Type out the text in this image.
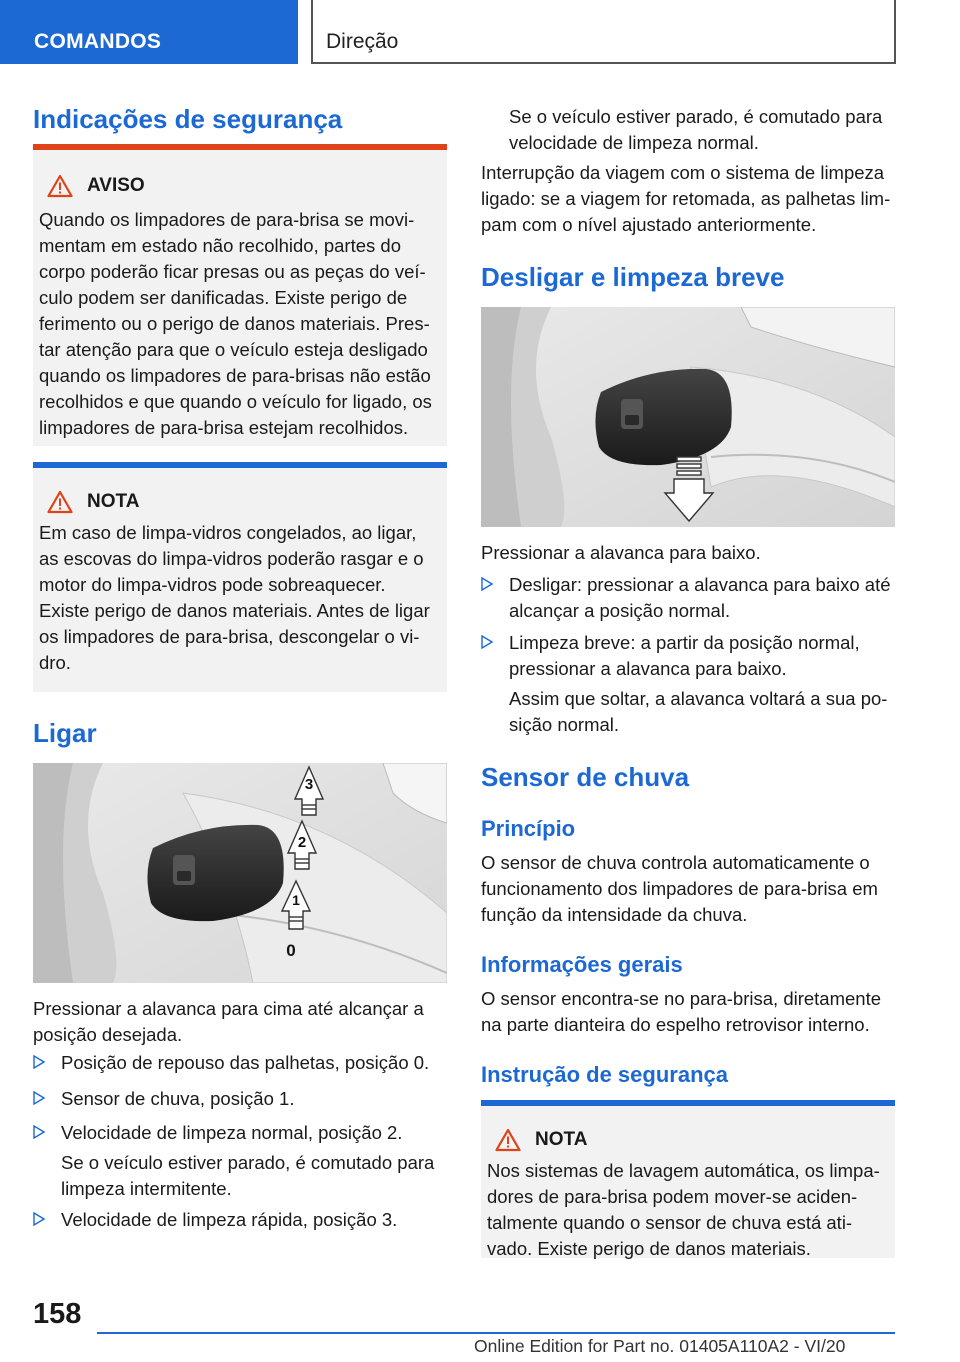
COMANDOS	Direção
Indicações de segurança
AVISO
Quando os limpadores de para-brisa se movi-
mentam em estado não recolhido, partes do
corpo poderão ficar presas ou as peças do veí-
culo podem ser danificadas. Existe perigo de
ferimento ou o perigo de danos materiais. Pres-
tar atenção para que o veículo esteja desligado
quando os limpadores de para-brisas não estão
recolhidos e que quando o veículo for ligado, os
limpadores de para-brisa estejam recolhidos.
NOTA
Em caso de limpa-vidros congelados, ao ligar,
as escovas do limpa-vidros poderão rasgar e o
motor do limpa-vidros pode sobreaquecer.
Existe perigo de danos materiais. Antes de ligar
os limpadores de para-brisa, descongelar o vi-
dro.
Ligar
3
2
1
0
Pressionar a alavanca para cima até alcançar a
posição desejada.
Posição de repouso das palhetas, posição 0.
Sensor de chuva, posição 1.
Velocidade de limpeza normal, posição 2.
Se o veículo estiver parado, é comutado para
limpeza intermitente.
Velocidade de limpeza rápida, posição 3.
Se o veículo estiver parado, é comutado para
velocidade de limpeza normal.
Interrupção da viagem com o sistema de limpeza
ligado: se a viagem for retomada, as palhetas lim-
pam com o nível ajustado anteriormente.
Desligar e limpeza breve
Pressionar a alavanca para baixo.
Desligar: pressionar a alavanca para baixo até
alcançar a posição normal.
Limpeza breve: a partir da posição normal,
pressionar a alavanca para baixo.
Assim que soltar, a alavanca voltará a sua po-
sição normal.
Sensor de chuva
Princípio
O sensor de chuva controla automaticamente o
funcionamento dos limpadores de para-brisa em
função da intensidade da chuva.
Informações gerais
O sensor encontra-se no para-brisa, diretamente
na parte dianteira do espelho retrovisor interno.
Instrução de segurança
NOTA
Nos sistemas de lavagem automática, os limpa-
dores de para-brisa podem mover-se aciden-
talmente quando o sensor de chuva está ati-
vado. Existe perigo de danos materiais.
158
Online Edition for Part no. 01405A110A2 - VI/20
